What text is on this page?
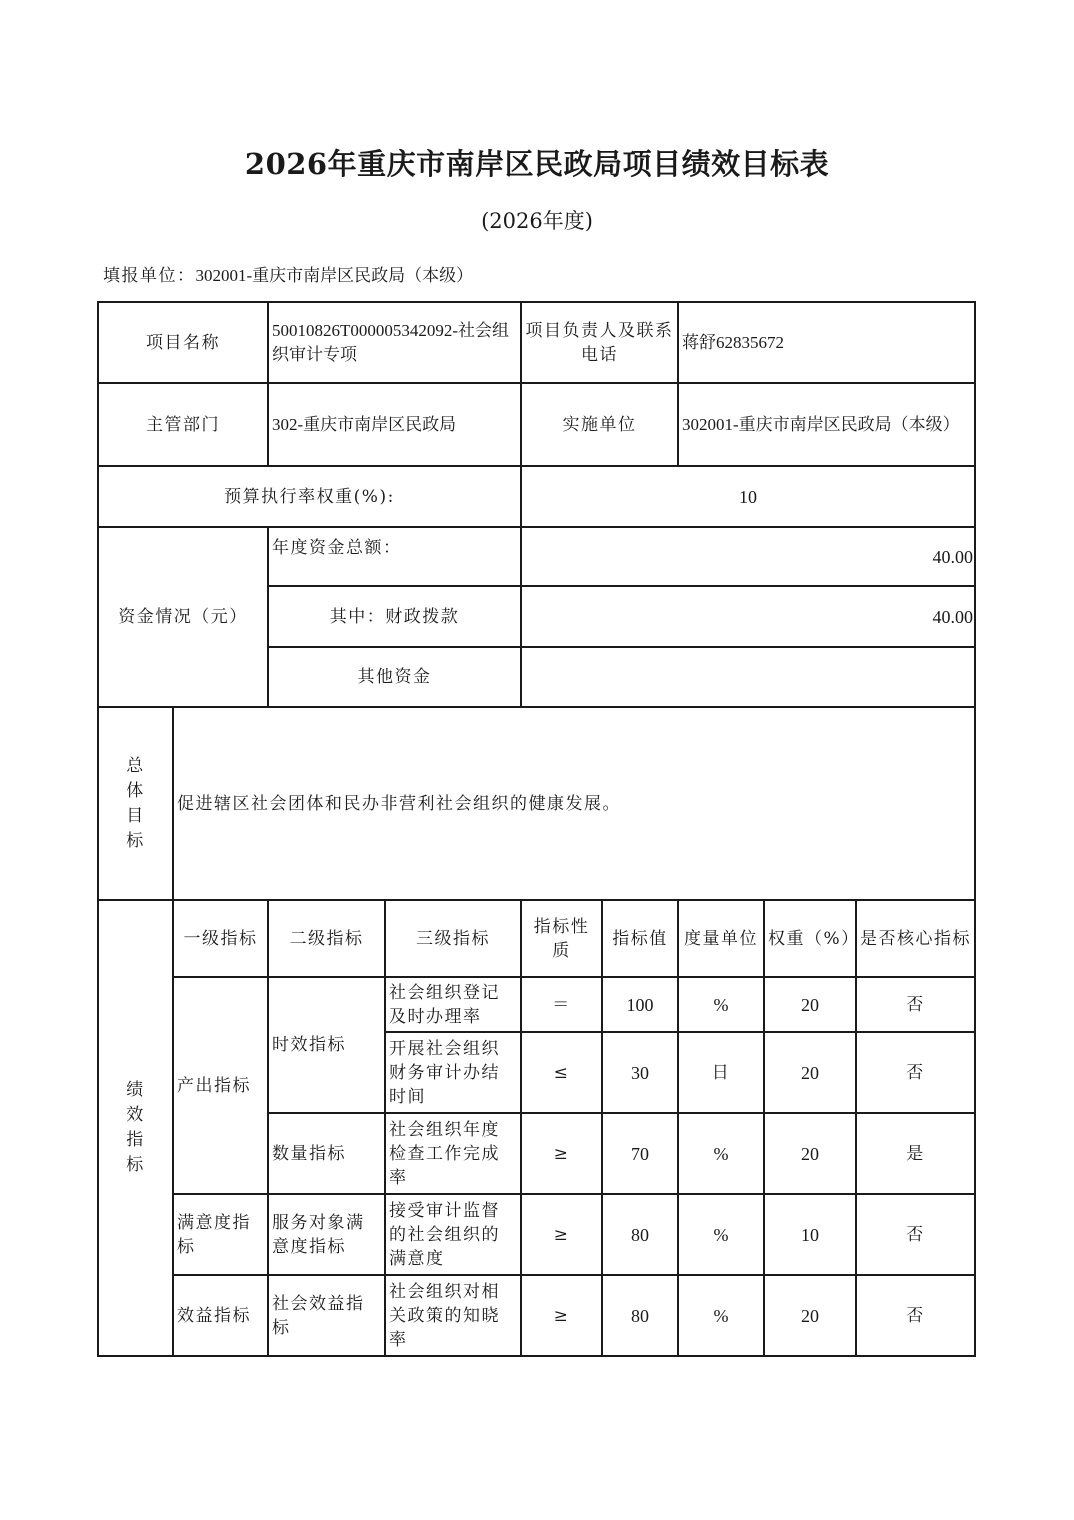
2026年重庆市南岸区民政局项目绩效目标表
(2026年度)
填报单位：302001-重庆市南岸区民政局（本级）
项目名称		50010826T000005342092-社会组织审计专项		项目负责人及联系电话		蒋舒62835672		
主管部门		302-重庆市南岸区民政局		实施单位		302001-重庆市南岸区民政局（本级）		
预算执行率权重(%):				10				
资金情况（元）		年度资金总额：		40.00				
		其中：财政拨款		40.00				
		其他资金						

总体目标	促进辖区社会团体和民办非营利社会组织的健康发展。							

绩效指标	一级指标	二级指标	三级指标	指标性质	指标值	度量单位	权重（%）	是否核心指标
	产出指标	时效指标	社会组织登记及时办理率	＝	100	%	20	否
			开展社会组织财务审计办结时间	≤	30	日	20	否
		数量指标	社会组织年度检查工作完成率	≥	70	%	20	是
	满意度指标	服务对象满意度指标	接受审计监督的社会组织的满意度	≥	80	%	10	否
	效益指标	社会效益指标	社会组织对相关政策的知晓率	≥	80	%	20	否
